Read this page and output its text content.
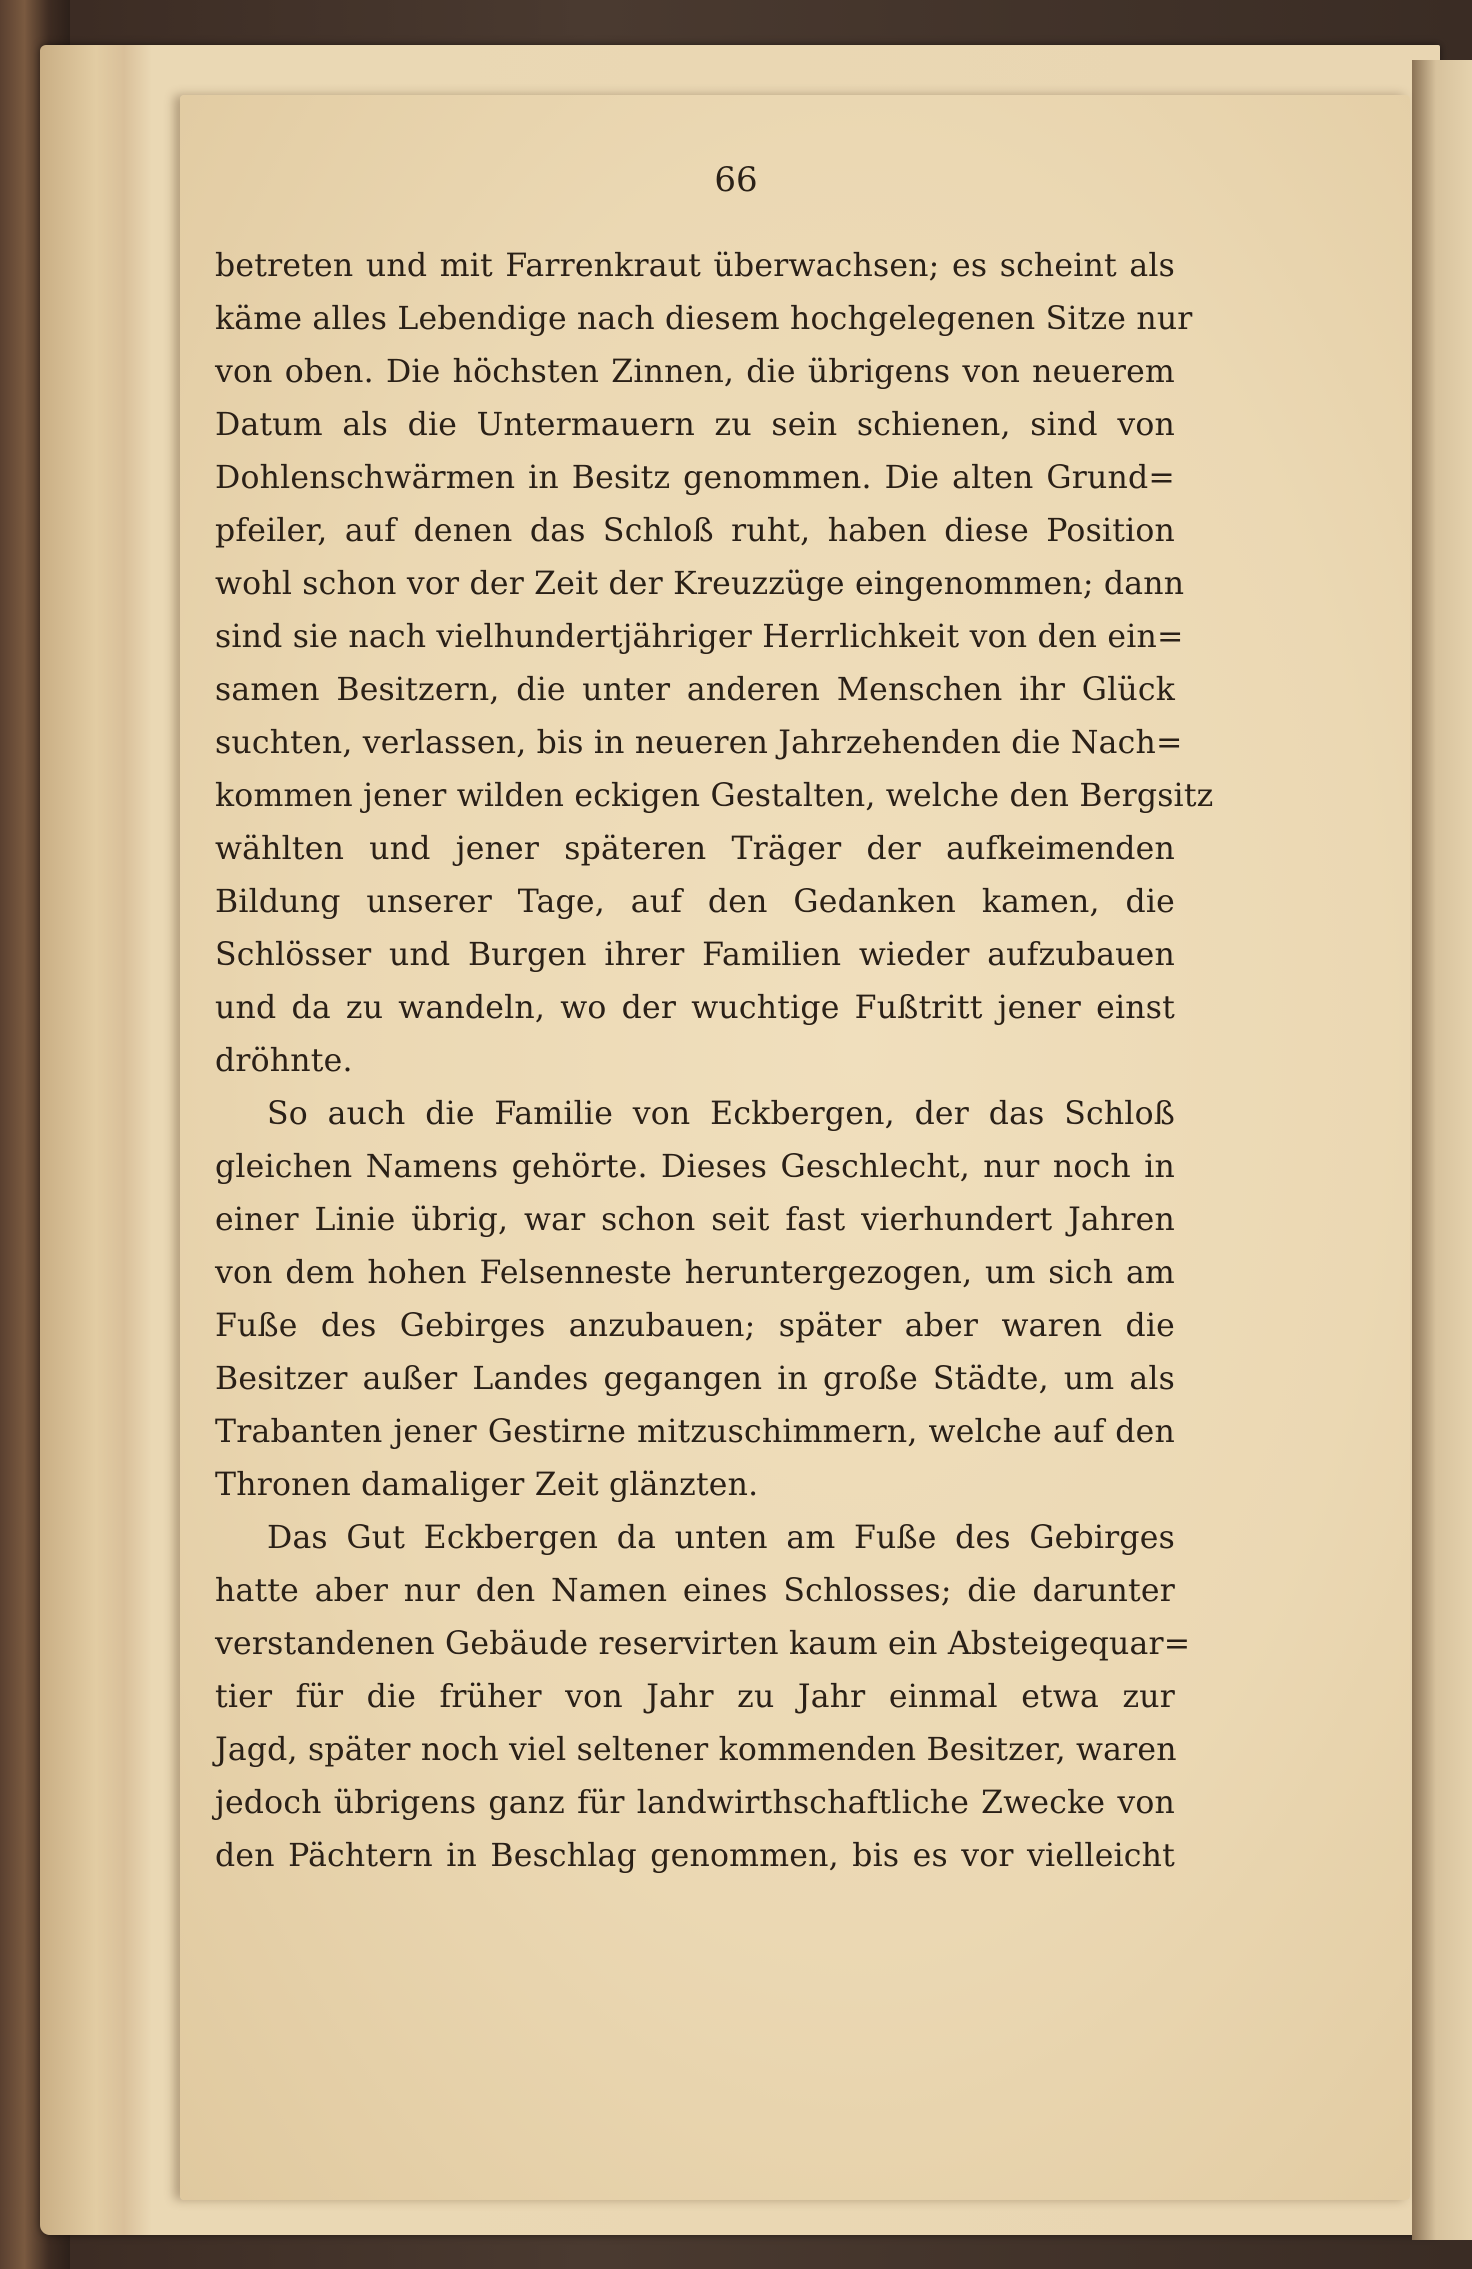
66
betreten und mit Farrenkraut überwachsen; es scheint als
käme alles Lebendige nach diesem hochgelegenen Sitze nur
von oben. Die höchsten Zinnen, die übrigens von neuerem
Datum als die Untermauern zu sein schienen, sind von
Dohlenschwärmen in Besitz genommen. Die alten Grund=
pfeiler, auf denen das Schloß ruht, haben diese Position
wohl schon vor der Zeit der Kreuzzüge eingenommen; dann
sind sie nach vielhundertjähriger Herrlichkeit von den ein=
samen Besitzern, die unter anderen Menschen ihr Glück
suchten, verlassen, bis in neueren Jahrzehenden die Nach=
kommen jener wilden eckigen Gestalten, welche den Bergsitz
wählten und jener späteren Träger der aufkeimenden
Bildung unserer Tage, auf den Gedanken kamen, die
Schlösser und Burgen ihrer Familien wieder aufzubauen
und da zu wandeln, wo der wuchtige Fußtritt jener einst
dröhnte.
So auch die Familie von Eckbergen, der das Schloß
gleichen Namens gehörte. Dieses Geschlecht, nur noch in
einer Linie übrig, war schon seit fast vierhundert Jahren
von dem hohen Felsenneste heruntergezogen, um sich am
Fuße des Gebirges anzubauen; später aber waren die
Besitzer außer Landes gegangen in große Städte, um als
Trabanten jener Gestirne mitzuschimmern, welche auf den
Thronen damaliger Zeit glänzten.
Das Gut Eckbergen da unten am Fuße des Gebirges
hatte aber nur den Namen eines Schlosses; die darunter
verstandenen Gebäude reservirten kaum ein Absteigequar=
tier für die früher von Jahr zu Jahr einmal etwa zur
Jagd, später noch viel seltener kommenden Besitzer, waren
jedoch übrigens ganz für landwirthschaftliche Zwecke von
den Pächtern in Beschlag genommen, bis es vor vielleicht
